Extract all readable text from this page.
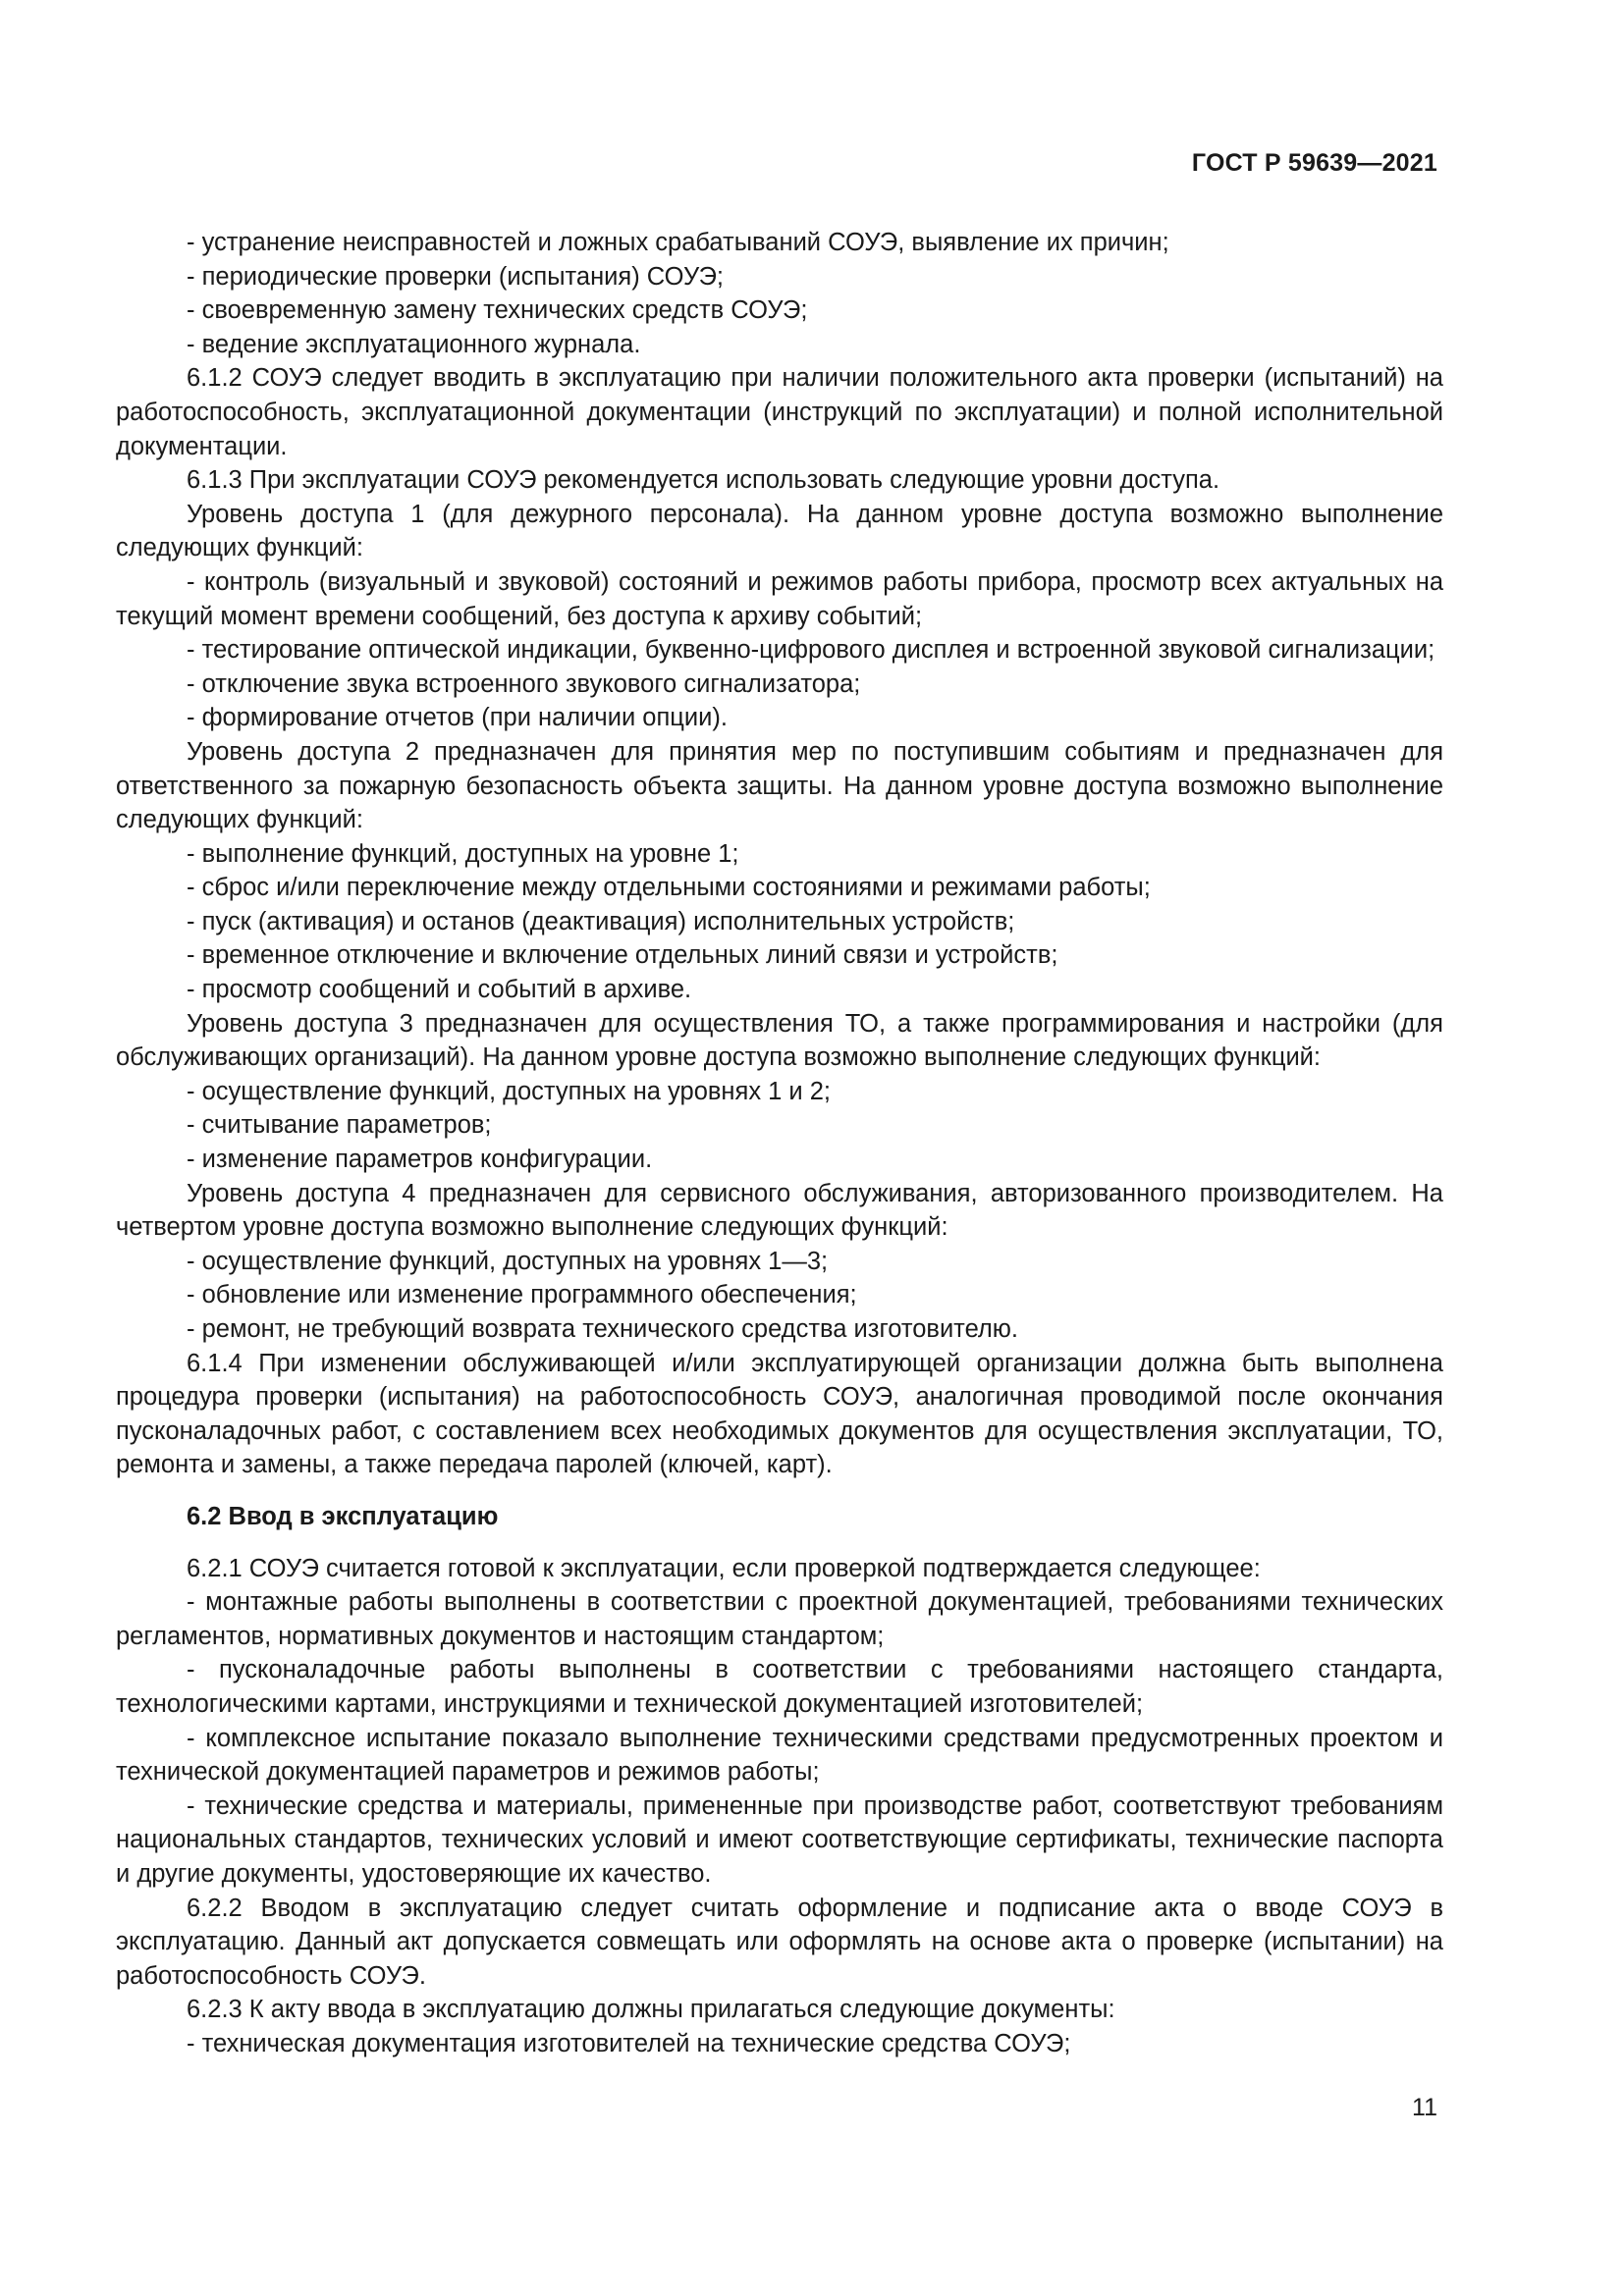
ГОСТ Р 59639—2021

- устранение неисправностей и ложных срабатываний СОУЭ, выявление их причин;

- периодические проверки (испытания) СОУЭ;

- своевременную замену технических средств СОУЭ;

- ведение эксплуатационного журнала.

6.1.2 СОУЭ следует вводить в эксплуатацию при наличии положительного акта проверки (испытаний) на работоспособность, эксплуатационной документации (инструкций по эксплуатации) и полной исполнительной документации.

6.1.3 При эксплуатации СОУЭ рекомендуется использовать следующие уровни доступа.

Уровень доступа 1 (для дежурного персонала). На данном уровне доступа возможно выполнение следующих функций:

- контроль (визуальный и звуковой) состояний и режимов работы прибора, просмотр всех актуальных на текущий момент времени сообщений, без доступа к архиву событий;

- тестирование оптической индикации, буквенно-цифрового дисплея и встроенной звуковой сигнализации;

- отключение звука встроенного звукового сигнализатора;

- формирование отчетов (при наличии опции).

Уровень доступа 2 предназначен для принятия мер по поступившим событиям и предназначен для ответственного за пожарную безопасность объекта защиты. На данном уровне доступа возможно выполнение следующих функций:

- выполнение функций, доступных на уровне 1;

- сброс и/или переключение между отдельными состояниями и режимами работы;

- пуск (активация) и останов (деактивация) исполнительных устройств;

- временное отключение и включение отдельных линий связи и устройств;

- просмотр сообщений и событий в архиве.

Уровень доступа 3 предназначен для осуществления ТО, а также программирования и настройки (для обслуживающих организаций). На данном уровне доступа возможно выполнение следующих функций:

- осуществление функций, доступных на уровнях 1 и 2;

- считывание параметров;

- изменение параметров конфигурации.

Уровень доступа 4 предназначен для сервисного обслуживания, авторизованного производителем. На четвертом уровне доступа возможно выполнение следующих функций:

- осуществление функций, доступных на уровнях 1—3;

- обновление или изменение программного обеспечения;

- ремонт, не требующий возврата технического средства изготовителю.

6.1.4 При изменении обслуживающей и/или эксплуатирующей организации должна быть выполнена процедура проверки (испытания) на работоспособность СОУЭ, аналогичная проводимой после окончания пусконаладочных работ, с составлением всех необходимых документов для осуществления эксплуатации, ТО, ремонта и замены, а также передача паролей (ключей, карт).

6.2 Ввод в эксплуатацию

6.2.1 СОУЭ считается готовой к эксплуатации, если проверкой подтверждается следующее:

- монтажные работы выполнены в соответствии с проектной документацией, требованиями технических регламентов, нормативных документов и настоящим стандартом;

- пусконаладочные работы выполнены в соответствии с требованиями настоящего стандарта, технологическими картами, инструкциями и технической документацией изготовителей;

- комплексное испытание показало выполнение техническими средствами предусмотренных проектом и технической документацией параметров и режимов работы;

- технические средства и материалы, примененные при производстве работ, соответствуют требованиям национальных стандартов, технических условий и имеют соответствующие сертификаты, технические паспорта и другие документы, удостоверяющие их качество.

6.2.2 Вводом в эксплуатацию следует считать оформление и подписание акта о вводе СОУЭ в эксплуатацию. Данный акт допускается совмещать или оформлять на основе акта о проверке (испытании) на работоспособность СОУЭ.

6.2.3 К акту ввода в эксплуатацию должны прилагаться следующие документы:

- техническая документация изготовителей на технические средства СОУЭ;

11
